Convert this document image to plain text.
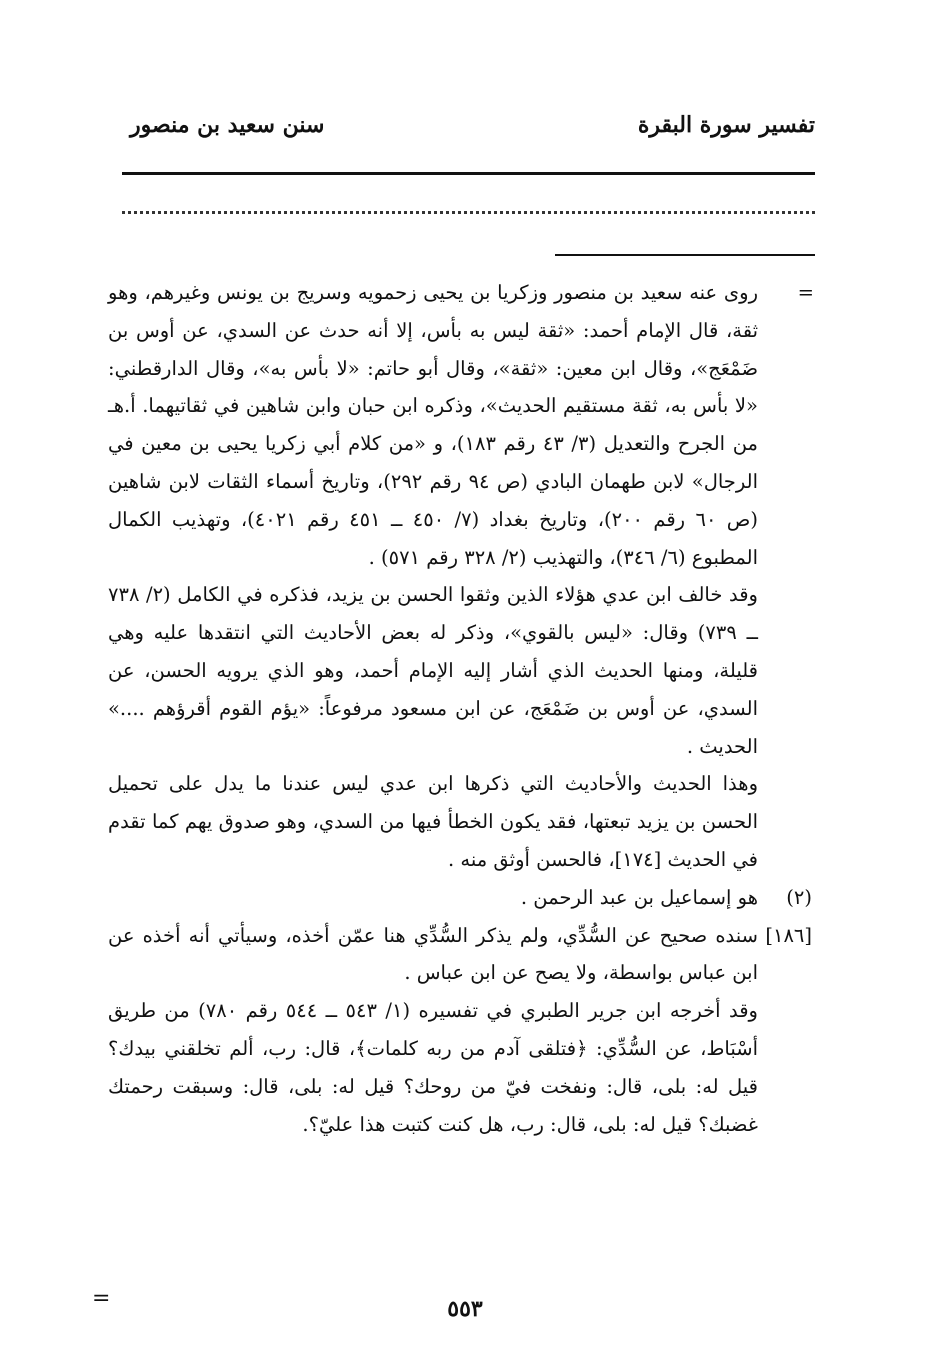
تفسير سورة البقرة
سنن سعيد بن منصور

=
روى عنه سعيد بن منصور وزكريا بن يحيى زحمويه وسريج بن يونس وغيرهم، وهو ثقة، قال الإمام أحمد: «ثقة ليس به بأس، إلا أنه حدث عن السدي، عن أوس بن ضَمْعَج»، وقال ابن معين: «ثقة»، وقال أبو حاتم: «لا بأس به»، وقال الدارقطني: «لا بأس به، ثقة مستقيم الحديث»، وذكره ابن حبان وابن شاهين في ثقاتيهما. أ.هـ من الجرح والتعديل (٣/ ٤٣ رقم ١٨٣)، و «من كلام أبي زكريا يحيى بن معين في الرجال» لابن طهمان البادي (ص ٩٤ رقم ٢٩٢)، وتاريخ أسماء الثقات لابن شاهين (ص ٦٠ رقم ٢٠٠)، وتاريخ بغداد (٧/ ٤٥٠ ــ ٤٥١ رقم ٤٠٢١)، وتهذيب الكمال المطبوع (٦/ ٣٤٦)، والتهذيب (٢/ ٣٢٨ رقم ٥٧١) .

وقد خالف ابن عدي هؤلاء الذين وثقوا الحسن بن يزيد، فذكره في الكامل (٢/ ٧٣٨ ــ ٧٣٩) وقال: «ليس بالقوي»، وذكر له بعض الأحاديث التي انتقدها عليه وهي قليلة، ومنها الحديث الذي أشار إليه الإمام أحمد، وهو الذي يرويه الحسن، عن السدي، عن أوس بن ضَمْعَج، عن ابن مسعود مرفوعاً: «يؤم القوم أقرؤهم ....» الحديث .

وهذا الحديث والأحاديث التي ذكرها ابن عدي ليس عندنا ما يدل على تحميل الحسن بن يزيد تبعتها، فقد يكون الخطأ فيها من السدي، وهو صدوق يهم كما تقدم في الحديث [١٧٤]، فالحسن أوثق منه .

(٢)
هو إسماعيل بن عبد الرحمن .

[١٨٦]
سنده صحيح عن السُّدِّي، ولم يذكر السُّدِّي هنا عمّن أخذه، وسيأتي أنه أخذه عن ابن عباس بواسطة، ولا يصح عن ابن عباس .

وقد أخرجه ابن جرير الطبري في تفسيره (١/ ٥٤٣ ــ ٥٤٤ رقم ٧٨٠) من طريق أسْبَاط، عن السُّدِّي: ﴿فتلقى آدم من ربه كلمات﴾، قال: رب، ألم تخلقني بيدك؟ قيل له: بلى، قال: ونفخت فيّ من روحك؟ قيل له: بلى، قال: وسبقت رحمتك غضبك؟ قيل له: بلى، قال: رب، هل كنت كتبت هذا عليّ؟.

٥٥٣
=
